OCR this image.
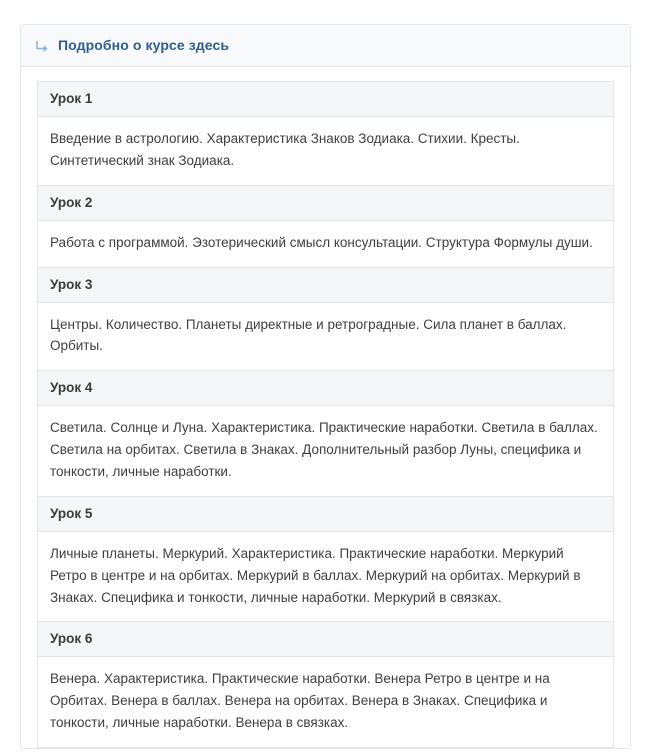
Подробно о курсе здесь
Урок 1
Введение в астрологию. Характеристика Знаков Зодиака. Стихии. Кресты. Синтетический знак Зодиака.
Урок 2
Работа с программой. Эзотерический смысл консультации. Структура Формулы души.
Урок 3
Центры. Количество. Планеты директные и ретроградные. Сила планет в баллах. Орбиты.
Урок 4
Светила. Солнце и Луна. Характеристика. Практические наработки. Светила в баллах. Светила на орбитах. Светила в Знаках. Дополнительный разбор Луны, специфика и тонкости, личные наработки.
Урок 5
Личные планеты. Меркурий. Характеристика. Практические наработки. Меркурий Ретро в центре и на орбитах. Меркурий в баллах. Меркурий на орбитах. Меркурий в Знаках. Специфика и тонкости, личные наработки. Меркурий в связках.
Урок 6
Венера. Характеристика. Практические наработки. Венера Ретро в центре и на Орбитах. Венера в баллах. Венера на орбитах. Венера в Знаках. Специфика и тонкости, личные наработки. Венера в связках.
